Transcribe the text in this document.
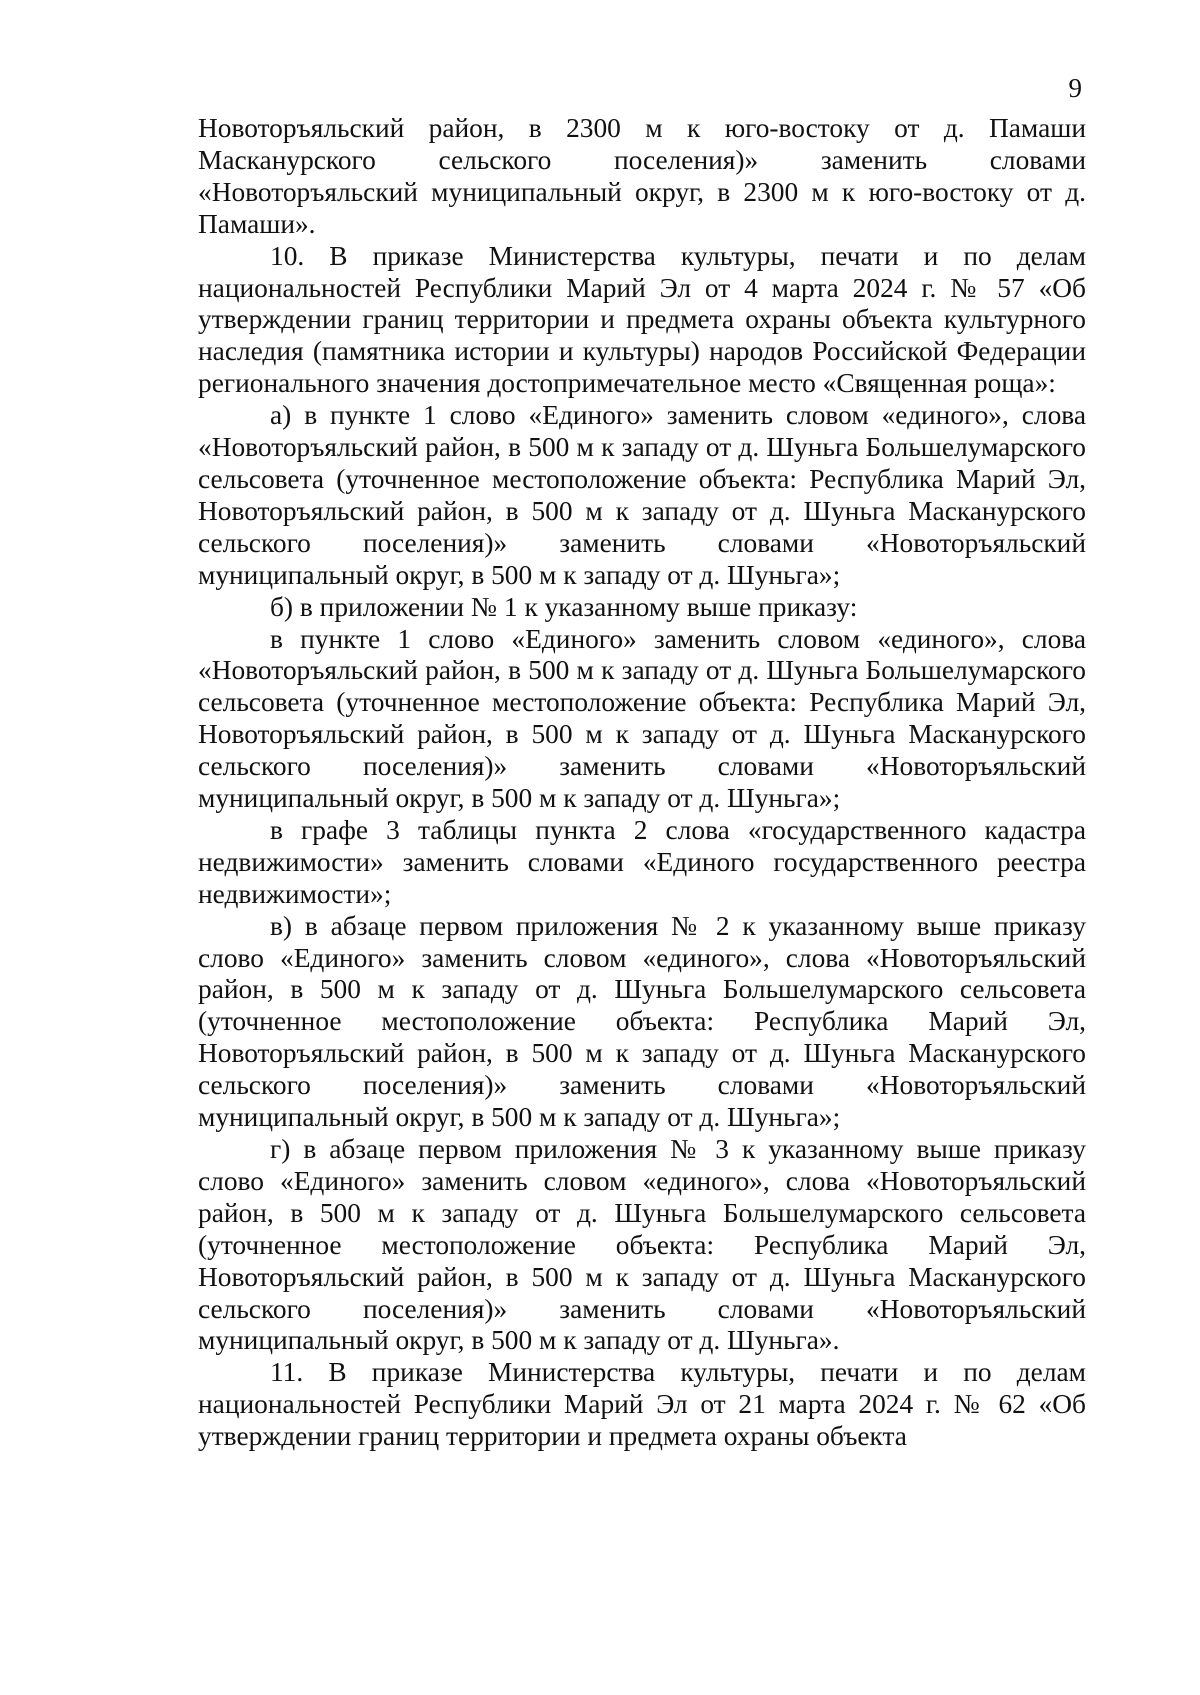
9

Новоторъяльский район, в 2300 м к юго-востоку от д. Памаши Масканурского сельского поселения)» заменить словами «Новоторъяльский муниципальный округ, в 2300 м к юго-востоку от д. Памаши».

10. В приказе Министерства культуры, печати и по делам национальностей Республики Марий Эл от 4 марта 2024 г. № 57 «Об утверждении границ территории и предмета охраны объекта культурного наследия (памятника истории и культуры) народов Российской Федерации регионального значения достопримечательное место «Священная роща»:

а) в пункте 1 слово «Единого» заменить словом «единого», слова «Новоторъяльский район, в 500 м к западу от д. Шуньга Большелумарского сельсовета (уточненное местоположение объекта: Республика Марий Эл, Новоторъяльский район, в 500 м к западу от д. Шуньга Масканурского сельского поселения)» заменить словами «Новоторъяльский муниципальный округ, в 500 м к западу от д. Шуньга»;

б) в приложении № 1 к указанному выше приказу:

в пункте 1 слово «Единого» заменить словом «единого», слова «Новоторъяльский район, в 500 м к западу от д. Шуньга Большелумарского сельсовета (уточненное местоположение объекта: Республика Марий Эл, Новоторъяльский район, в 500 м к западу от д. Шуньга Масканурского сельского поселения)» заменить словами «Новоторъяльский муниципальный округ, в 500 м к западу от д. Шуньга»;

в графе 3 таблицы пункта 2 слова «государственного кадастра недвижимости» заменить словами «Единого государственного реестра недвижимости»;

в) в абзаце первом приложения № 2 к указанному выше приказу слово «Единого» заменить словом «единого», слова «Новоторъяльский район, в 500 м к западу от д. Шуньга Большелумарского сельсовета (уточненное местоположение объекта: Республика Марий Эл, Новоторъяльский район, в 500 м к западу от д. Шуньга Масканурского сельского поселения)» заменить словами «Новоторъяльский муниципальный округ, в 500 м к западу от д. Шуньга»;

г) в абзаце первом приложения № 3 к указанному выше приказу слово «Единого» заменить словом «единого», слова «Новоторъяльский район, в 500 м к западу от д. Шуньга Большелумарского сельсовета (уточненное местоположение объекта: Республика Марий Эл, Новоторъяльский район, в 500 м к западу от д. Шуньга Масканурского сельского поселения)» заменить словами «Новоторъяльский муниципальный округ, в 500 м к западу от д. Шуньга».

11. В приказе Министерства культуры, печати и по делам национальностей Республики Марий Эл от 21 марта 2024 г. № 62 «Об утверждении границ территории и предмета охраны объекта
